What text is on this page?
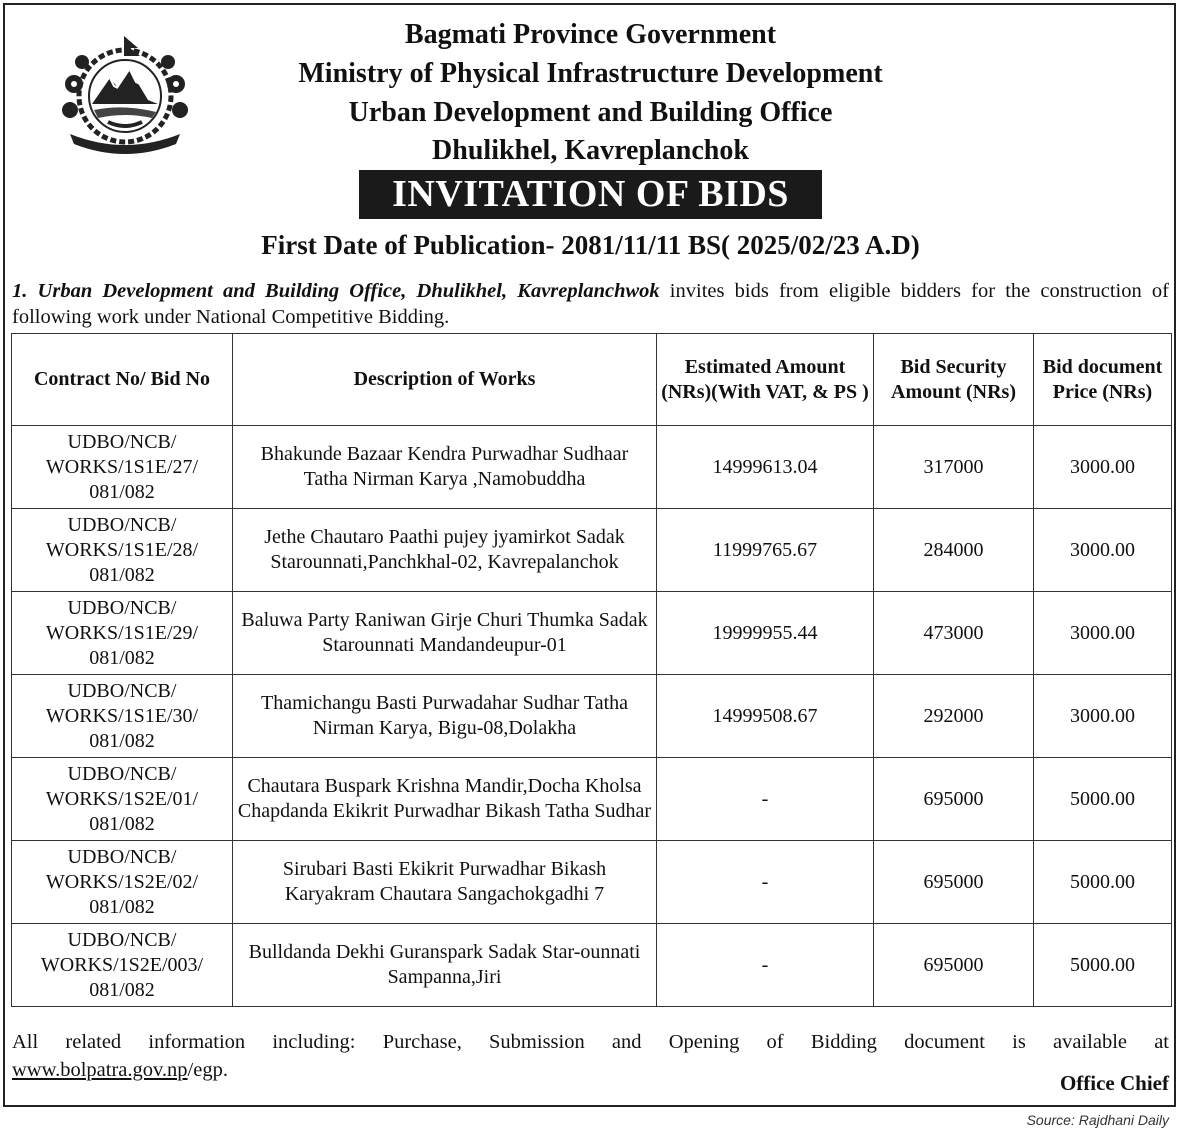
Bagmati Province Government
Ministry of Physical Infrastructure Development
Urban Development and Building Office
Dhulikhel, Kavreplanchok
INVITATION OF BIDS
First Date of Publication- 2081/11/11 BS( 2025/02/23 A.D)
1. Urban Development and Building Office, Dhulikhel, Kavreplanchwok invites bids from eligible bidders for the construction of following work under National Competitive Bidding.
Contract No/ Bid No	Description of Works	Estimated Amount (NRs)(With VAT, & PS )	Bid Security Amount (NRs)	Bid document Price (NRs)
UDBO/NCB/ WORKS/1S1E/27/ 081/082	Bhakunde Bazaar Kendra Purwadhar Sudhaar Tatha Nirman Karya ,Namobuddha	14999613.04	317000	3000.00
UDBO/NCB/ WORKS/1S1E/28/ 081/082	Jethe Chautaro Paathi pujey jyamirkot Sadak Starounnati,Panchkhal-02, Kavrepalanchok	11999765.67	284000	3000.00
UDBO/NCB/ WORKS/1S1E/29/ 081/082	Baluwa Party Raniwan Girje Churi Thumka Sadak Starounnati Mandandeupur-01	19999955.44	473000	3000.00
UDBO/NCB/ WORKS/1S1E/30/ 081/082	Thamichangu Basti Purwadahar Sudhar Tatha Nirman Karya, Bigu-08,Dolakha	14999508.67	292000	3000.00
UDBO/NCB/ WORKS/1S2E/01/ 081/082	Chautara Buspark Krishna Mandir,Docha Kholsa Chapdanda Ekikrit Purwadhar Bikash Tatha Sudhar	-	695000	5000.00
UDBO/NCB/ WORKS/1S2E/02/ 081/082	Sirubari Basti Ekikrit Purwadhar Bikash Karyakram Chautara Sangachokgadhi 7	-	695000	5000.00
UDBO/NCB/ WORKS/1S2E/003/ 081/082	Bulldanda Dekhi Guranspark Sadak Star-ounnati Sampanna,Jiri	-	695000	5000.00
All related information including: Purchase, Submission and Opening of Bidding document is available at
www.bolpatra.gov.np/egp.
Office Chief
Source: Rajdhani Daily
